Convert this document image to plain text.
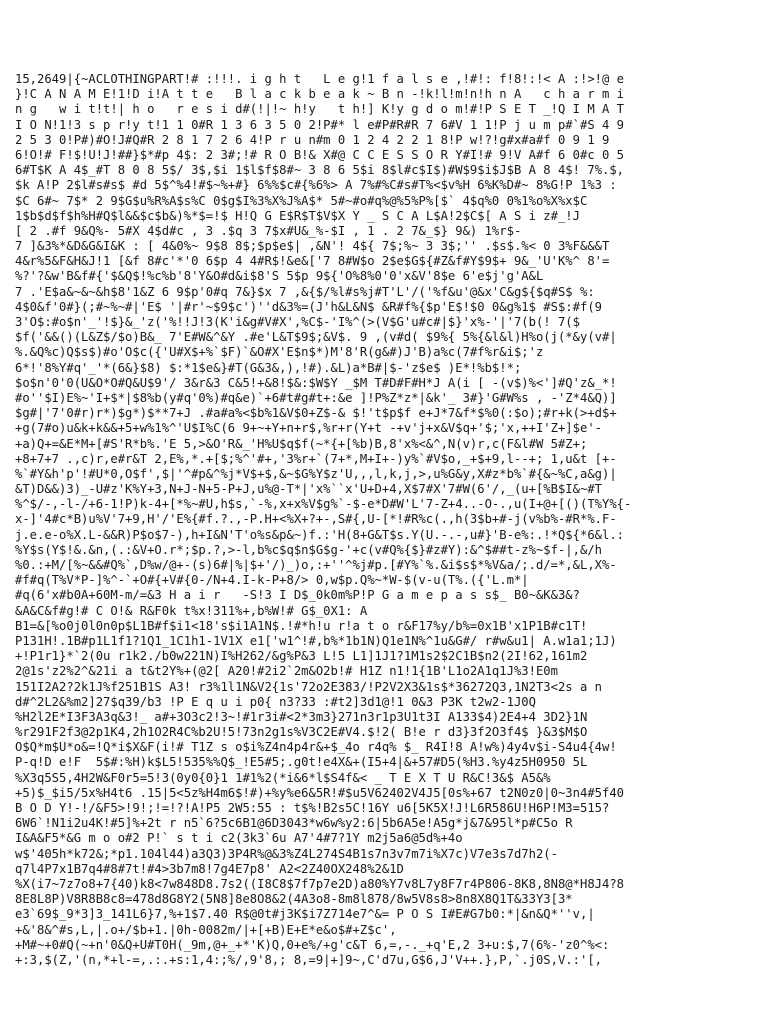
15,2649|{~ACLOTHINGPART!# :!!!. i g h t   L e g!1 f a l s e ,!#!: f!8!:!< A :!>!@ e
}!C A N A M E!1!D i!A t t e   B l a c k b e a k ~ B n -!k!l!m!n!h n A   c h a r m i
n g   w i t!t!| h o   r e s i d#(!|!~ h!y   t h!] K!y g d o m!#!P S E T _!Q I M A T
I O N!1!3 s p r!y t!1 1 0#R 1 3 6 3 5 0 2!P#* l e#P#R#R 7 6#V 1 1!P j u m p#`#S 4 9
2 5 3 0!P#)#O!J#Q#R 2 8 1 7 2 6 4!P r u n#m 0 1 2 4 2 2 1 8!P w!?!g#x#a#f 0 9 1 9
6!O!# F!$!U!J!##}$*#p 4$: 2 3#;!# R O B!& X#@ C C E S S O R Y#I!# 9!V A#f 6 0#c 0 5
6#T$K A 4$_#T 8 0 8 5$/ 3$,$i 1$l$f$8#~ 3 8 6 5$i 8$l#c$I$)#W$9$i$J$B A 8 4$! 7%.$,
$k A!P 2$l#s#s$ #d 5$^%4!#$~%+#} 6%%$c#{%6%> A 7%#%C#s#T%<$v%H 6%K%D#~ 8%G!P 1%3 :
$C 6#~ 7$* 2 9$G$u%R%A$s%C 0$g$I%3%X%J%A$* 5#~#o#q%@%5%P%[$` 4$q%0 0%1%o%X%x$C
1$b$d$f$h%H#Q$l&&$c$b&)%*$=!$ H!Q G E$R$T$V$X Y _ S C A L$A!2$C$[ A S i z#_!J
[ 2 .#f 9&Q%- 5#X 4$d#c , 3 .$q 3 7$x#U&_%-$I , 1 . 2 7&_$} 9&) 1%r$-
7 ]&3%*&D&G&I&K : [ 4&0%~ 9$8 8$;$p$e$| ,&N'! 4${ 7$;%~ 3 3$;'' .$s$.%< 0 3%F&&&T
4&r%5&F&H&J!1 [&f 8#c'*'0 6$p 4 4#R$!&e&['7 8#W$o 2$e$G${#Z&f#Y$9$+ 9&_'U'K%^ 8'=
%?'?&w'B&f#{'$&Q$!%c%b'8'Y&O#d&i$8'S 5$p 9${'O%8%0'0'x&V'8$e 6'e$j'g'A&L
7 .'E$a&~&~&h$8'1&Z 6 9$p'0#q 7&}$x 7 ,&{$/%l#s%j#T'L'/('%f&u'@&x'C&g${$q#S$ %:
4$0&f'0#}(;#~%~#|'E$ '|#r'~$9$c')''d&3%=(J'h&L&N$ &R#f%{$p'E$!$0 0&g%1$ #S$:#f(9
3'O$:#o$n'_'!$}&_'z('%!!J!3(K'i&g#V#X',%C$-'I%^(>(V$G'u#c#|$}'x%-'|'7(b(! 7($
$f('&&()(L&Z$/$o)B&_ 7'E#W&^&Y .#e'L&T$9$;&V$. 9 ,(v#d( $9%{ 5%{&l&l)H%o(j(*&y(v#|
%.&Q%c)Q$s$)#o'O$c({'U#X$+%`$F)`&O#X'E$n$*)M'8'R(g&#)J'B)a%c(7#f%r&i$;'z
6*!'8%Y#q'_'*(6&}$8) $:*1$e&}#T(G&3&,),!#).&L)a*B#|$-'z$e$ )E*!%b$!*;
$o$n'0'0(U&O*O#Q&U$9'/ 3&r&3 C&5!+&8!$&:$W$Y _$M T#D#F#H*J A(i [ -(v$)%<']#Q'z&_*!
#o''$I)E%~'I+$*|$8%b(y#q'0%)#q&e)`+6#t#g#t+:&e ]!P%Z*z*|&k'_ 3#}'G#W%s , -'Z*4&Q)]
$g#|'7'0#r)r*)$g*)$**7+J .#a#a%<$b%1&V$0+Z$-& $!'t$p$f e+J*7&f*$%0(:$o);#r+k(>+d$+
+g(7#o)u&k+k&&+5+w%1%^'U$I%C(6 9+~+Y+n+r$,%r+r(Y+t -+v'j+x&V$q+'$;'x,++I'Z+]$e'-
+a)Q+=&E*M+[#S'R*b%.'E 5,>&O'R&_'H%U$q$f(~*{+[%b)B,8'x%<&^,N(v)r,c(F&l#W 5#Z+;
+8+7+7 .,c)r,e#r&T 2,E%,*.+[$;%^'#+,'3%r+`(7+*,M+I+-)y%`#V$o,_+$+9,l--+; 1,u&t [+-
%`#Y&h'p'!#U*0,O$f',$|'^#p&^%j*V$+$,&~$G%Y$z'U,,,l,k,j,>,u%G&y,X#z*b%`#{&~%C,a&g)|
&T)D&&)3)_-U#z'K%Y+3,N+J-N+5-P+J,u%@-T*|'x%``x'U+D+4,X$7#X'7#W(6'/,_(u+[%B$I&~#T
%^$/-,-l-/+6-1!P)k-4+[*%~#U,h$s,`-%,x+x%V$g%`-$-e*D#W'L'7-Z+4..-O-.,u(I+@+[()(T%Y%{-
x-]'4#c*B)u%V'7+9,H'/'E%{#f.?.,-P.H+<%X+?+-,S#{,U-[*!#R%c(.,h(3$b+#-j(v%b%-#R*%.F-
j.e.e-o%X.L-&&R)P$o$7-),h+I&N'T'o%s&p&~)f.:'H(8+G&T$s.Y(U.-.-,u#}'B-e%:.!*Q${*6&l.:
%Y$s(Y$!&.&n,(.:&V+O.r*;$p.?,>-l,b%c$q$n$G$g-'+c(v#Q%{$}#z#Y):&^$##t-z%~$f-|,&/h
%0.:+M/[%~&&#Q%`,D%w/@+-(s)6#|%|$+'/)_)o,:+''^%j#p.[#Y%`%.&i$s$*%V&a/;.d/=*,&L,X%-
#f#q(T%V*P-]%^-`+O#{+V#{0-/N+4.I-k-P+8/> 0,w$p.Q%~*W-$(v-u(T%.({'L.m*|
#q(6'x#b0A+60M-m/=&3 H a i r   -S!3 I D$_0k0m%P!P G a m e p a s s$_ B0~&K&3&?
&A&C&f#g!# C O!& R&F0k t%x!311%+,b%W!# G$_0X1: A
B1=&[%o0j0l0n0p$L1B#f$i1<18's$i1A1N$.!#*h!u r!a t o r&F17%y/b%=0x1B'x1P1B#c1T!
P131H!.1B#p1L1f1?1Q1_1C1h1-1V1X e1['w1^!#,b%*1b1N)Q1e1N%^1u&G#/ r#w&u1| A.w1a1;1J)
+!P1r1}*`2(0u r1k2./b0w221N)I%H262/&g%P&3 L!5 L1]1J1?1M1s2$2C1B$n2(2I!62,161m2
2@1s'z2%2^&21i a t&t2Y%+(@2[ A20!#2i2`2m&O2b!# H1Z n1!1{1B'L1o2A1q1J%3!E0m
151I2A2?2k1J%f251B1S A3! r3%1l1N&V2{1s'72o2E383/!P2V2X3&1s$*36272Q3,1N2T3<2s a n
d#^2L2&%m2]27$q39/b3 !P E q u i p0{ n3?33 :#t2]3d1@!1 0&3 P3K t2w2-1J0Q
%H2l2E*I3F3A3q&3!_ a#+3O3c2!3~!#1r3i#<2*3m3}271n3r1p3U1t3I A133$4)2E4+4 3D2}1N
%r291F2f3@2p1K4,2h1O2R4C%b2U!5!73n2g1s%V3C2E#V4.$!2( B!e r d3}3f2O3f4$ }&3$M$O
O$Q*m$U*o&=!Q*i$X&F(i!# T1Z s o$i%Z4n4p4r&+$_4o r4q% $_ R4I!8 A!w%)4y4v$i-S4u4{4w!
P-q!D e!F  5$#:%H)k$L5!535%%Q$_!E5#5;.g0t!e4X&+(I5+4|&+57#D5(%H3.%y4z5H0950 5L
%X3q5S5,4H2W&F0r5=5!3(0y0{0}1 1#1%2(*i&6*l$S4f&< _ T E X T U R&C!3&$ A5&%
+5)$_$i5/5x%H4t6 .15|5<5z%H4m6$!#)+%y%e6&5R!#$u5V62402V4J5[0s%+67 t2N0z0|0~3n4#5f40
B O D Y!-!/&F5>!9!;!=!?!A!P5 2W5:55 : t$%!B2s5C!16Y u6[5K5X!J!L6R586U!H6P!M3=515?
6W6`!N1i2u4K!#5]%+2t r n5`6?5c6B1@6D3043*w6w%y2:6|5b6A5e!A5g*j&7&95l*p#C5o R
I&A&F5*&G m o o#2 P!` s t i c2(3k3`6u A7'4#7?1Y m2j5a6@5d%+4o
w$'405h*k72&;*p1.104l44)a3Q3)3P4R%@&3%Z4L274S4B1s7n3v7m7i%X7c)V7e3s7d7h2(-
q7l4P7x1B7q4#8#7t!#4>3b7m8!7g4E7p8' A2<2Z40OX248%2&1D
%X(i7~7z7o8+7{40)k8<7w848D8.7s2((I8C8$7f7p7e2D)a80%Y7v8L7y8F7r4P806-8K8,8N8@*H8J4?8
8E8L8P)V8R8B8c8=478d8G8Y2(5N8]8e8O8&2(4A3o8-8m8l878/8w5V8s8>8n8X8Q1T&33Y3[3*
e3`69$_9*3]3_141L6}7,%+1$7.40 R$@0t#j3K$i7Z714e7^&= P O S I#E#G7b0:*|&n&Q*''v,|
+&'8&^#s,L,|.o+/$b+1.|0h-0082m/|+[+B)E+E*e&o$#+Z$c',
+M#~+0#Q(~+n'0&Q+U#T0H(_9m,@+_+*'K)Q,0+e%/+g'c&T 6,=,-._+q'E,2 3+u:$,7(6%-'z0^%<:
+:3,$(Z,'(n,*+l-=,.:.+s:1,4:;%/,9'8,; 8,=9|+]9~,C'd7u,G$6,J'V++.},P,`.j0S,V.:'[,
